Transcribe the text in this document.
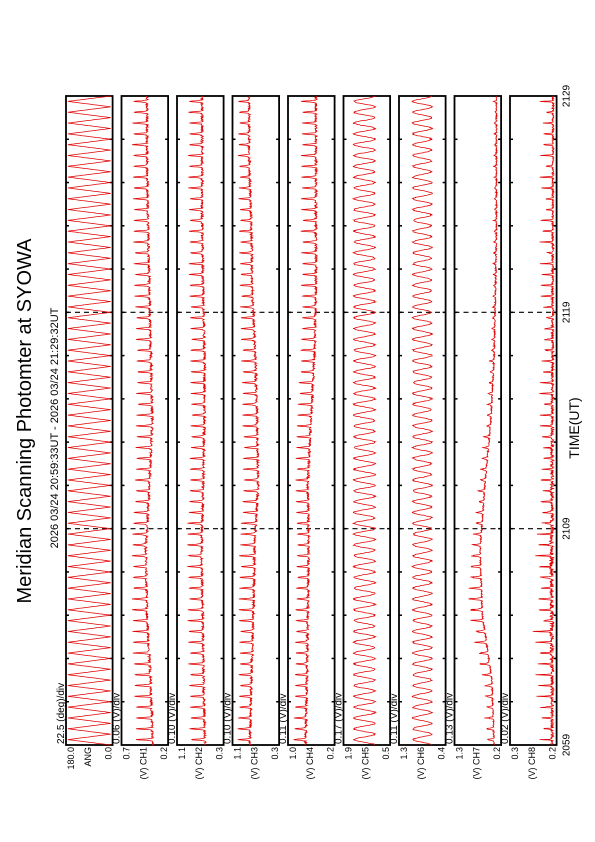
Meridian Scanning Photomter at SYOWA 2026 03/24 20:59:33UT - 2026 03/24 21:29:32UT	TIME(UT)
22.5 (deg)/div
180.0 ANG 0.0
0.06 (V)/div
0.7 (V) CH1 0.2
0.10 (V)/div
1.1 (V) CH2 0.3
0.10 (V)/div
1.1 (V) CH3 0.3
0.11 (V)/div
1.0 (V) CH4 0.2
0.17 (V)/div
1.9 (V) CH5 0.5
0.11 (V)/div
1.3 (V) CH6 0.4
0.13 (V)/div
1.3 (V) CH7 0.2
0.02 (V)/div
0.3 (V) CH8 0.2 2059
2109
2119
2129
